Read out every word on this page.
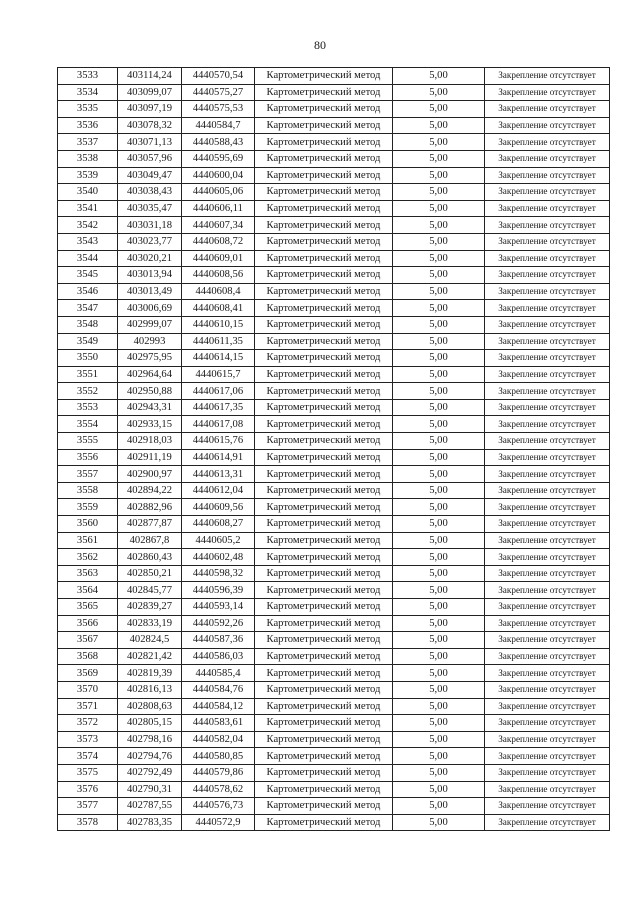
80
3533	403114,24	4440570,54	Картометрический метод	5,00	Закрепление отсутствует
3534	403099,07	4440575,27	Картометрический метод	5,00	Закрепление отсутствует
3535	403097,19	4440575,53	Картометрический метод	5,00	Закрепление отсутствует
3536	403078,32	4440584,7	Картометрический метод	5,00	Закрепление отсутствует
3537	403071,13	4440588,43	Картометрический метод	5,00	Закрепление отсутствует
3538	403057,96	4440595,69	Картометрический метод	5,00	Закрепление отсутствует
3539	403049,47	4440600,04	Картометрический метод	5,00	Закрепление отсутствует
3540	403038,43	4440605,06	Картометрический метод	5,00	Закрепление отсутствует
3541	403035,47	4440606,11	Картометрический метод	5,00	Закрепление отсутствует
3542	403031,18	4440607,34	Картометрический метод	5,00	Закрепление отсутствует
3543	403023,77	4440608,72	Картометрический метод	5,00	Закрепление отсутствует
3544	403020,21	4440609,01	Картометрический метод	5,00	Закрепление отсутствует
3545	403013,94	4440608,56	Картометрический метод	5,00	Закрепление отсутствует
3546	403013,49	4440608,4	Картометрический метод	5,00	Закрепление отсутствует
3547	403006,69	4440608,41	Картометрический метод	5,00	Закрепление отсутствует
3548	402999,07	4440610,15	Картометрический метод	5,00	Закрепление отсутствует
3549	402993	4440611,35	Картометрический метод	5,00	Закрепление отсутствует
3550	402975,95	4440614,15	Картометрический метод	5,00	Закрепление отсутствует
3551	402964,64	4440615,7	Картометрический метод	5,00	Закрепление отсутствует
3552	402950,88	4440617,06	Картометрический метод	5,00	Закрепление отсутствует
3553	402943,31	4440617,35	Картометрический метод	5,00	Закрепление отсутствует
3554	402933,15	4440617,08	Картометрический метод	5,00	Закрепление отсутствует
3555	402918,03	4440615,76	Картометрический метод	5,00	Закрепление отсутствует
3556	402911,19	4440614,91	Картометрический метод	5,00	Закрепление отсутствует
3557	402900,97	4440613,31	Картометрический метод	5,00	Закрепление отсутствует
3558	402894,22	4440612,04	Картометрический метод	5,00	Закрепление отсутствует
3559	402882,96	4440609,56	Картометрический метод	5,00	Закрепление отсутствует
3560	402877,87	4440608,27	Картометрический метод	5,00	Закрепление отсутствует
3561	402867,8	4440605,2	Картометрический метод	5,00	Закрепление отсутствует
3562	402860,43	4440602,48	Картометрический метод	5,00	Закрепление отсутствует
3563	402850,21	4440598,32	Картометрический метод	5,00	Закрепление отсутствует
3564	402845,77	4440596,39	Картометрический метод	5,00	Закрепление отсутствует
3565	402839,27	4440593,14	Картометрический метод	5,00	Закрепление отсутствует
3566	402833,19	4440592,26	Картометрический метод	5,00	Закрепление отсутствует
3567	402824,5	4440587,36	Картометрический метод	5,00	Закрепление отсутствует
3568	402821,42	4440586,03	Картометрический метод	5,00	Закрепление отсутствует
3569	402819,39	4440585,4	Картометрический метод	5,00	Закрепление отсутствует
3570	402816,13	4440584,76	Картометрический метод	5,00	Закрепление отсутствует
3571	402808,63	4440584,12	Картометрический метод	5,00	Закрепление отсутствует
3572	402805,15	4440583,61	Картометрический метод	5,00	Закрепление отсутствует
3573	402798,16	4440582,04	Картометрический метод	5,00	Закрепление отсутствует
3574	402794,76	4440580,85	Картометрический метод	5,00	Закрепление отсутствует
3575	402792,49	4440579,86	Картометрический метод	5,00	Закрепление отсутствует
3576	402790,31	4440578,62	Картометрический метод	5,00	Закрепление отсутствует
3577	402787,55	4440576,73	Картометрический метод	5,00	Закрепление отсутствует
3578	402783,35	4440572,9	Картометрический метод	5,00	Закрепление отсутствует
